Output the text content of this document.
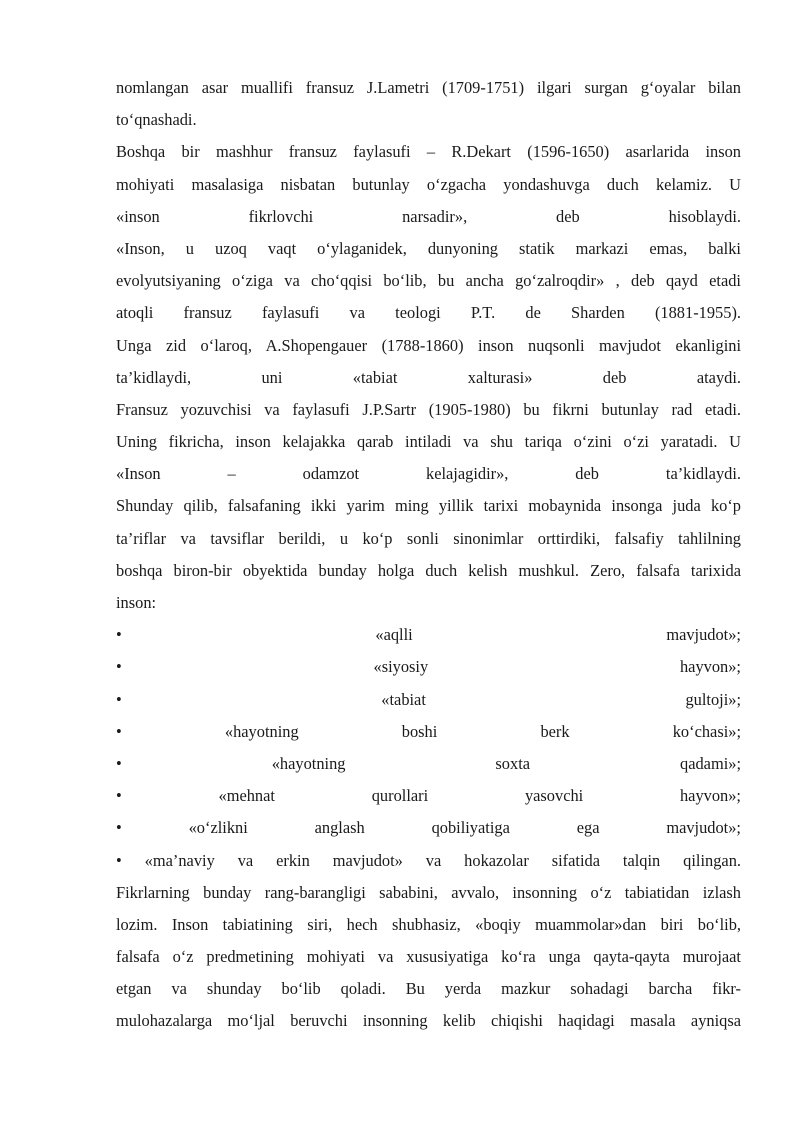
nomlangan asar muallifi fransuz J.Lametri (1709-1751) ilgari surgan g‘oyalar bilan
to‘qnashadi.
Boshqa bir mashhur fransuz faylasufi – R.Dekart (1596-1650) asarlarida inson
mohiyati masalasiga nisbatan butunlay o‘zgacha yondashuvga duch kelamiz. U
«inson fikrlovchi narsadir», deb hisoblaydi.
«Inson, u uzoq vaqt o‘ylaganidek, dunyoning statik markazi emas, balki
evolyutsiyaning o‘ziga va cho‘qqisi bo‘lib, bu ancha go‘zalroqdir» , deb qayd etadi
atoqli fransuz faylasufi va teologi P.T. de Sharden (1881-1955).
Unga zid o‘laroq, A.Shopengauer (1788-1860) inson nuqsonli mavjudot ekanligini
ta’kidlaydi, uni «tabiat xalturasi» deb ataydi.
Fransuz yozuvchisi va faylasufi J.P.Sartr (1905-1980) bu fikrni butunlay rad etadi.
Uning fikricha, inson kelajakka qarab intiladi va shu tariqa o‘zini o‘zi yaratadi. U
«Inson – odamzot kelajagidir», deb ta’kidlaydi.
Shunday qilib, falsafaning ikki yarim ming yillik tarixi mobaynida insonga juda ko‘p
ta’riflar va tavsiflar berildi, u ko‘p sonli sinonimlar orttirdiki, falsafiy tahlilning
boshqa biron-bir obyektida bunday holga duch kelish mushkul. Zero, falsafa tarixida
inson:
• «aqlli mavjudot»;
• «siyosiy hayvon»;
• «tabiat gultoji»;
• «hayotning boshi berk ko‘chasi»;
• «hayotning soxta qadami»;
• «mehnat qurollari yasovchi hayvon»;
• «o‘zlikni anglash qobiliyatiga ega mavjudot»;
• «ma’naviy va erkin mavjudot» va hokazolar sifatida talqin qilingan.
Fikrlarning bunday rang-barangligi sababini, avvalo, insonning o‘z tabiatidan izlash
lozim. Inson tabiatining siri, hech shubhasiz, «boqiy muammolar»dan biri bo‘lib,
falsafa o‘z predmetining mohiyati va xususiyatiga ko‘ra unga qayta-qayta murojaat
etgan va shunday bo‘lib qoladi. Bu yerda mazkur sohadagi barcha fikr-
mulohazalarga mo‘ljal beruvchi insonning kelib chiqishi haqidagi masala ayniqsa
